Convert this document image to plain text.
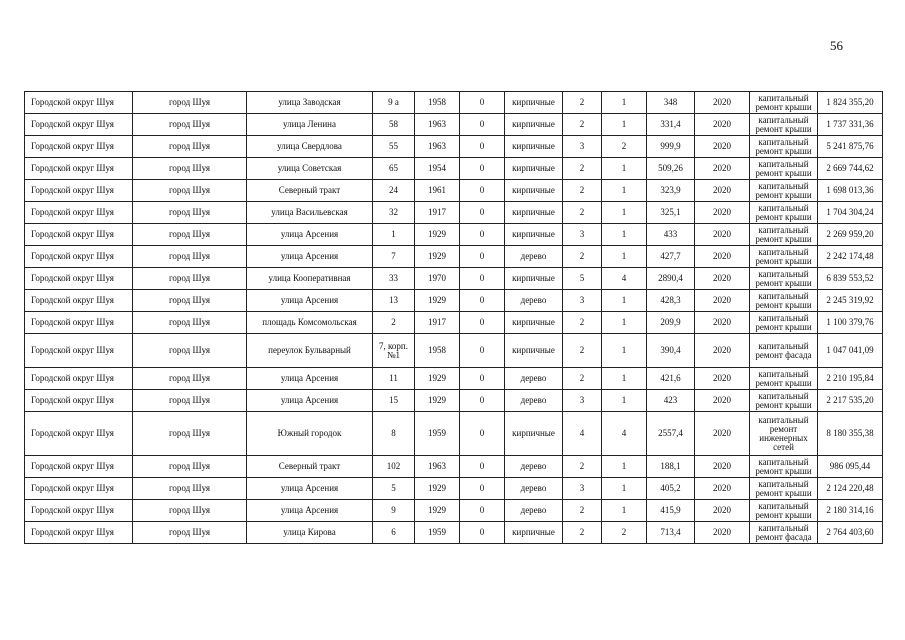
56
Городской округ Шуя	город Шуя	улица Заводская	9 а	1958	0	кирпичные	2	1	348	2020	капитальный ремонт крыши	1 824 355,20
Городской округ Шуя	город Шуя	улица Ленина	58	1963	0	кирпичные	2	1	331,4	2020	капитальный ремонт крыши	1 737 331,36
Городской округ Шуя	город Шуя	улица Свердлова	55	1963	0	кирпичные	3	2	999,9	2020	капитальный ремонт крыши	5 241 875,76
Городской округ Шуя	город Шуя	улица Советская	65	1954	0	кирпичные	2	1	509,26	2020	капитальный ремонт крыши	2 669 744,62
Городской округ Шуя	город Шуя	Северный тракт	24	1961	0	кирпичные	2	1	323,9	2020	капитальный ремонт крыши	1 698 013,36
Городской округ Шуя	город Шуя	улица Васильевская	32	1917	0	кирпичные	2	1	325,1	2020	капитальный ремонт крыши	1 704 304,24
Городской округ Шуя	город Шуя	улица Арсения	1	1929	0	кирпичные	3	1	433	2020	капитальный ремонт крыши	2 269 959,20
Городской округ Шуя	город Шуя	улица Арсения	7	1929	0	дерево	2	1	427,7	2020	капитальный ремонт крыши	2 242 174,48
Городской округ Шуя	город Шуя	улица Кооперативная	33	1970	0	кирпичные	5	4	2890,4	2020	капитальный ремонт крыши	6 839 553,52
Городской округ Шуя	город Шуя	улица Арсения	13	1929	0	дерево	3	1	428,3	2020	капитальный ремонт крыши	2 245 319,92
Городской округ Шуя	город Шуя	площадь Комсомольская	2	1917	0	кирпичные	2	1	209,9	2020	капитальный ремонт крыши	1 100 379,76
Городской округ Шуя	город Шуя	переулок Бульварный	7, корп. №1	1958	0	кирпичные	2	1	390,4	2020	капитальный ремонт фасада	1 047 041,09
Городской округ Шуя	город Шуя	улица Арсения	11	1929	0	дерево	2	1	421,6	2020	капитальный ремонт крыши	2 210 195,84
Городской округ Шуя	город Шуя	улица Арсения	15	1929	0	дерево	3	1	423	2020	капитальный ремонт крыши	2 217 535,20
Городской округ Шуя	город Шуя	Южный городок	8	1959	0	кирпичные	4	4	2557,4	2020	капитальный ремонт инженерных сетей	8 180 355,38
Городской округ Шуя	город Шуя	Северный тракт	102	1963	0	дерево	2	1	188,1	2020	капитальный ремонт крыши	986 095,44
Городской округ Шуя	город Шуя	улица Арсения	5	1929	0	дерево	3	1	405,2	2020	капитальный ремонт крыши	2 124 220,48
Городской округ Шуя	город Шуя	улица Арсения	9	1929	0	дерево	2	1	415,9	2020	капитальный ремонт крыши	2 180 314,16
Городской округ Шуя	город Шуя	улица Кирова	6	1959	0	кирпичные	2	2	713,4	2020	капитальный ремонт фасада	2 764 403,60
